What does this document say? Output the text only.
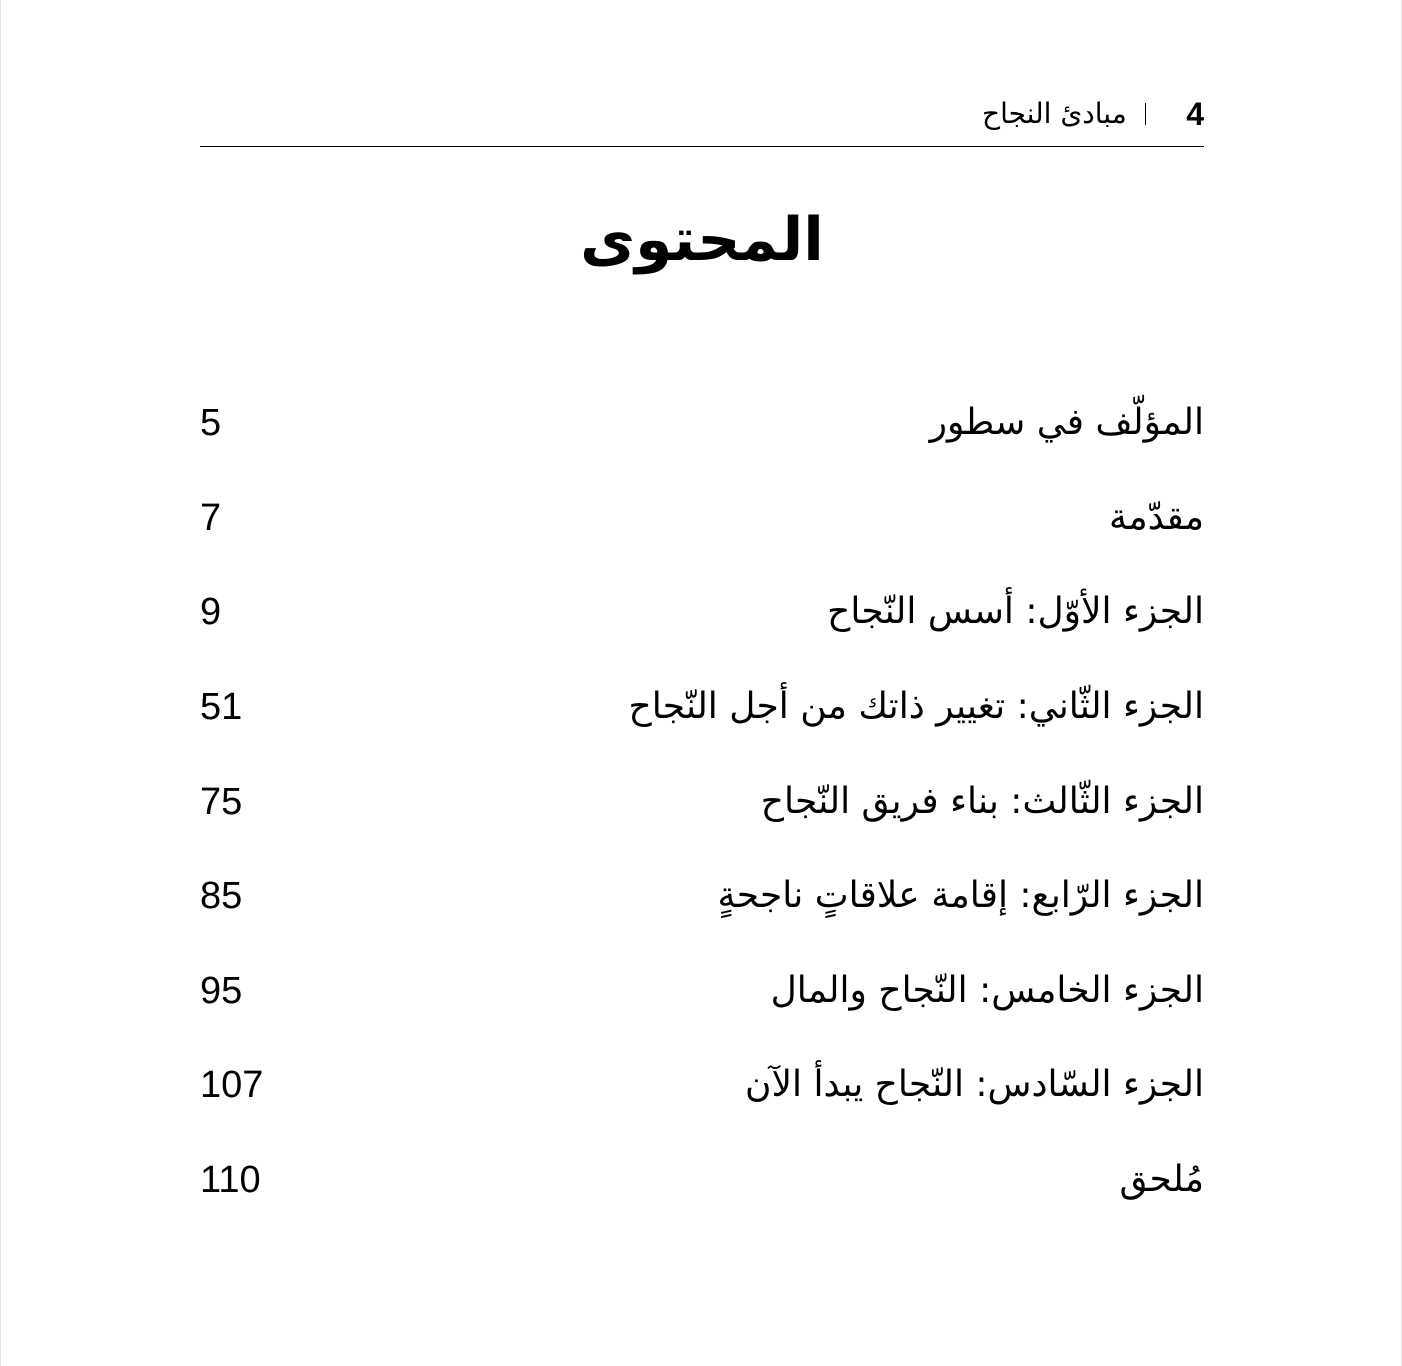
مبادئ النجاح 4
المحتوى
5	المؤلّف في سطور
7	مقدّمة
9	الجزء الأوّل: أسس النّجاح
51	الجزء الثّاني: تغيير ذاتك من أجل النّجاح
75	الجزء الثّالث: بناء فريق النّجاح
85	الجزء الرّابع: إقامة علاقاتٍ ناجحةٍ
95	الجزء الخامس: النّجاح والمال
107	الجزء السّادس: النّجاح يبدأ الآن
110	مُلحق
